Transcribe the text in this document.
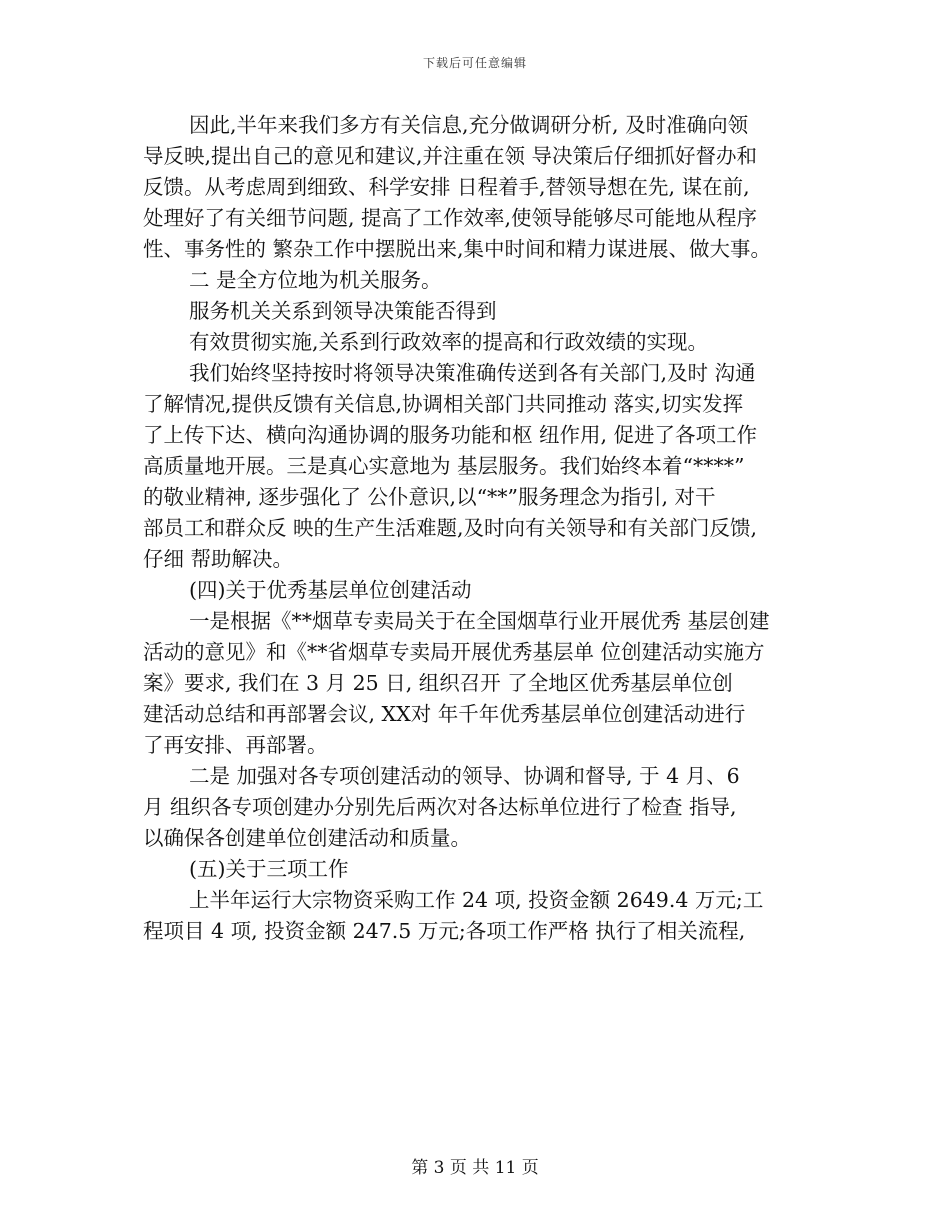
下载后可任意编辑
因此,半年来我们多方有关信息,充分做调研分析, 及时准确向领
导反映,提出自己的意见和建议,并注重在领 导决策后仔细抓好督办和
反馈。从考虑周到细致、科学安排 日程着手,替领导想在先, 谋在前,
处理好了有关细节问题, 提高了工作效率,使领导能够尽可能地从程序
性、事务性的 繁杂工作中摆脱出来,集中时间和精力谋进展、做大事。
二 是全方位地为机关服务。
服务机关关系到领导决策能否得到
有效贯彻实施,关系到行政效率的提高和行政效绩的实现。
我们始终坚持按时将领导决策准确传送到各有关部门,及时 沟通
了解情况,提供反馈有关信息,协调相关部门共同推动 落实,切实发挥
了上传下达、横向沟通协调的服务功能和枢 纽作用, 促进了各项工作
高质量地开展。三是真心实意地为 基层服务。我们始终本着“****”
的敬业精神, 逐步强化了 公仆意识,以“**”服务理念为指引, 对干
部员工和群众反 映的生产生活难题,及时向有关领导和有关部门反馈,
仔细 帮助解决。
(四)关于优秀基层单位创建活动
一是根据《**烟草专卖局关于在全国烟草行业开展优秀 基层创建
活动的意见》和《**省烟草专卖局开展优秀基层单 位创建活动实施方
案》要求, 我们在 3 月 25 日, 组织召开 了全地区优秀基层单位创
建活动总结和再部署会议, XX对 年千年优秀基层单位创建活动进行
了再安排、再部署。
二是 加强对各专项创建活动的领导、协调和督导, 于 4 月、6
月 组织各专项创建办分别先后两次对各达标单位进行了检查 指导,
以确保各创建单位创建活动和质量。
(五)关于三项工作
上半年运行大宗物资采购工作 24 项, 投资金额 2649.4 万元;工
程项目 4 项, 投资金额 247.5 万元;各项工作严格 执行了相关流程,
第 3 页 共 11 页
